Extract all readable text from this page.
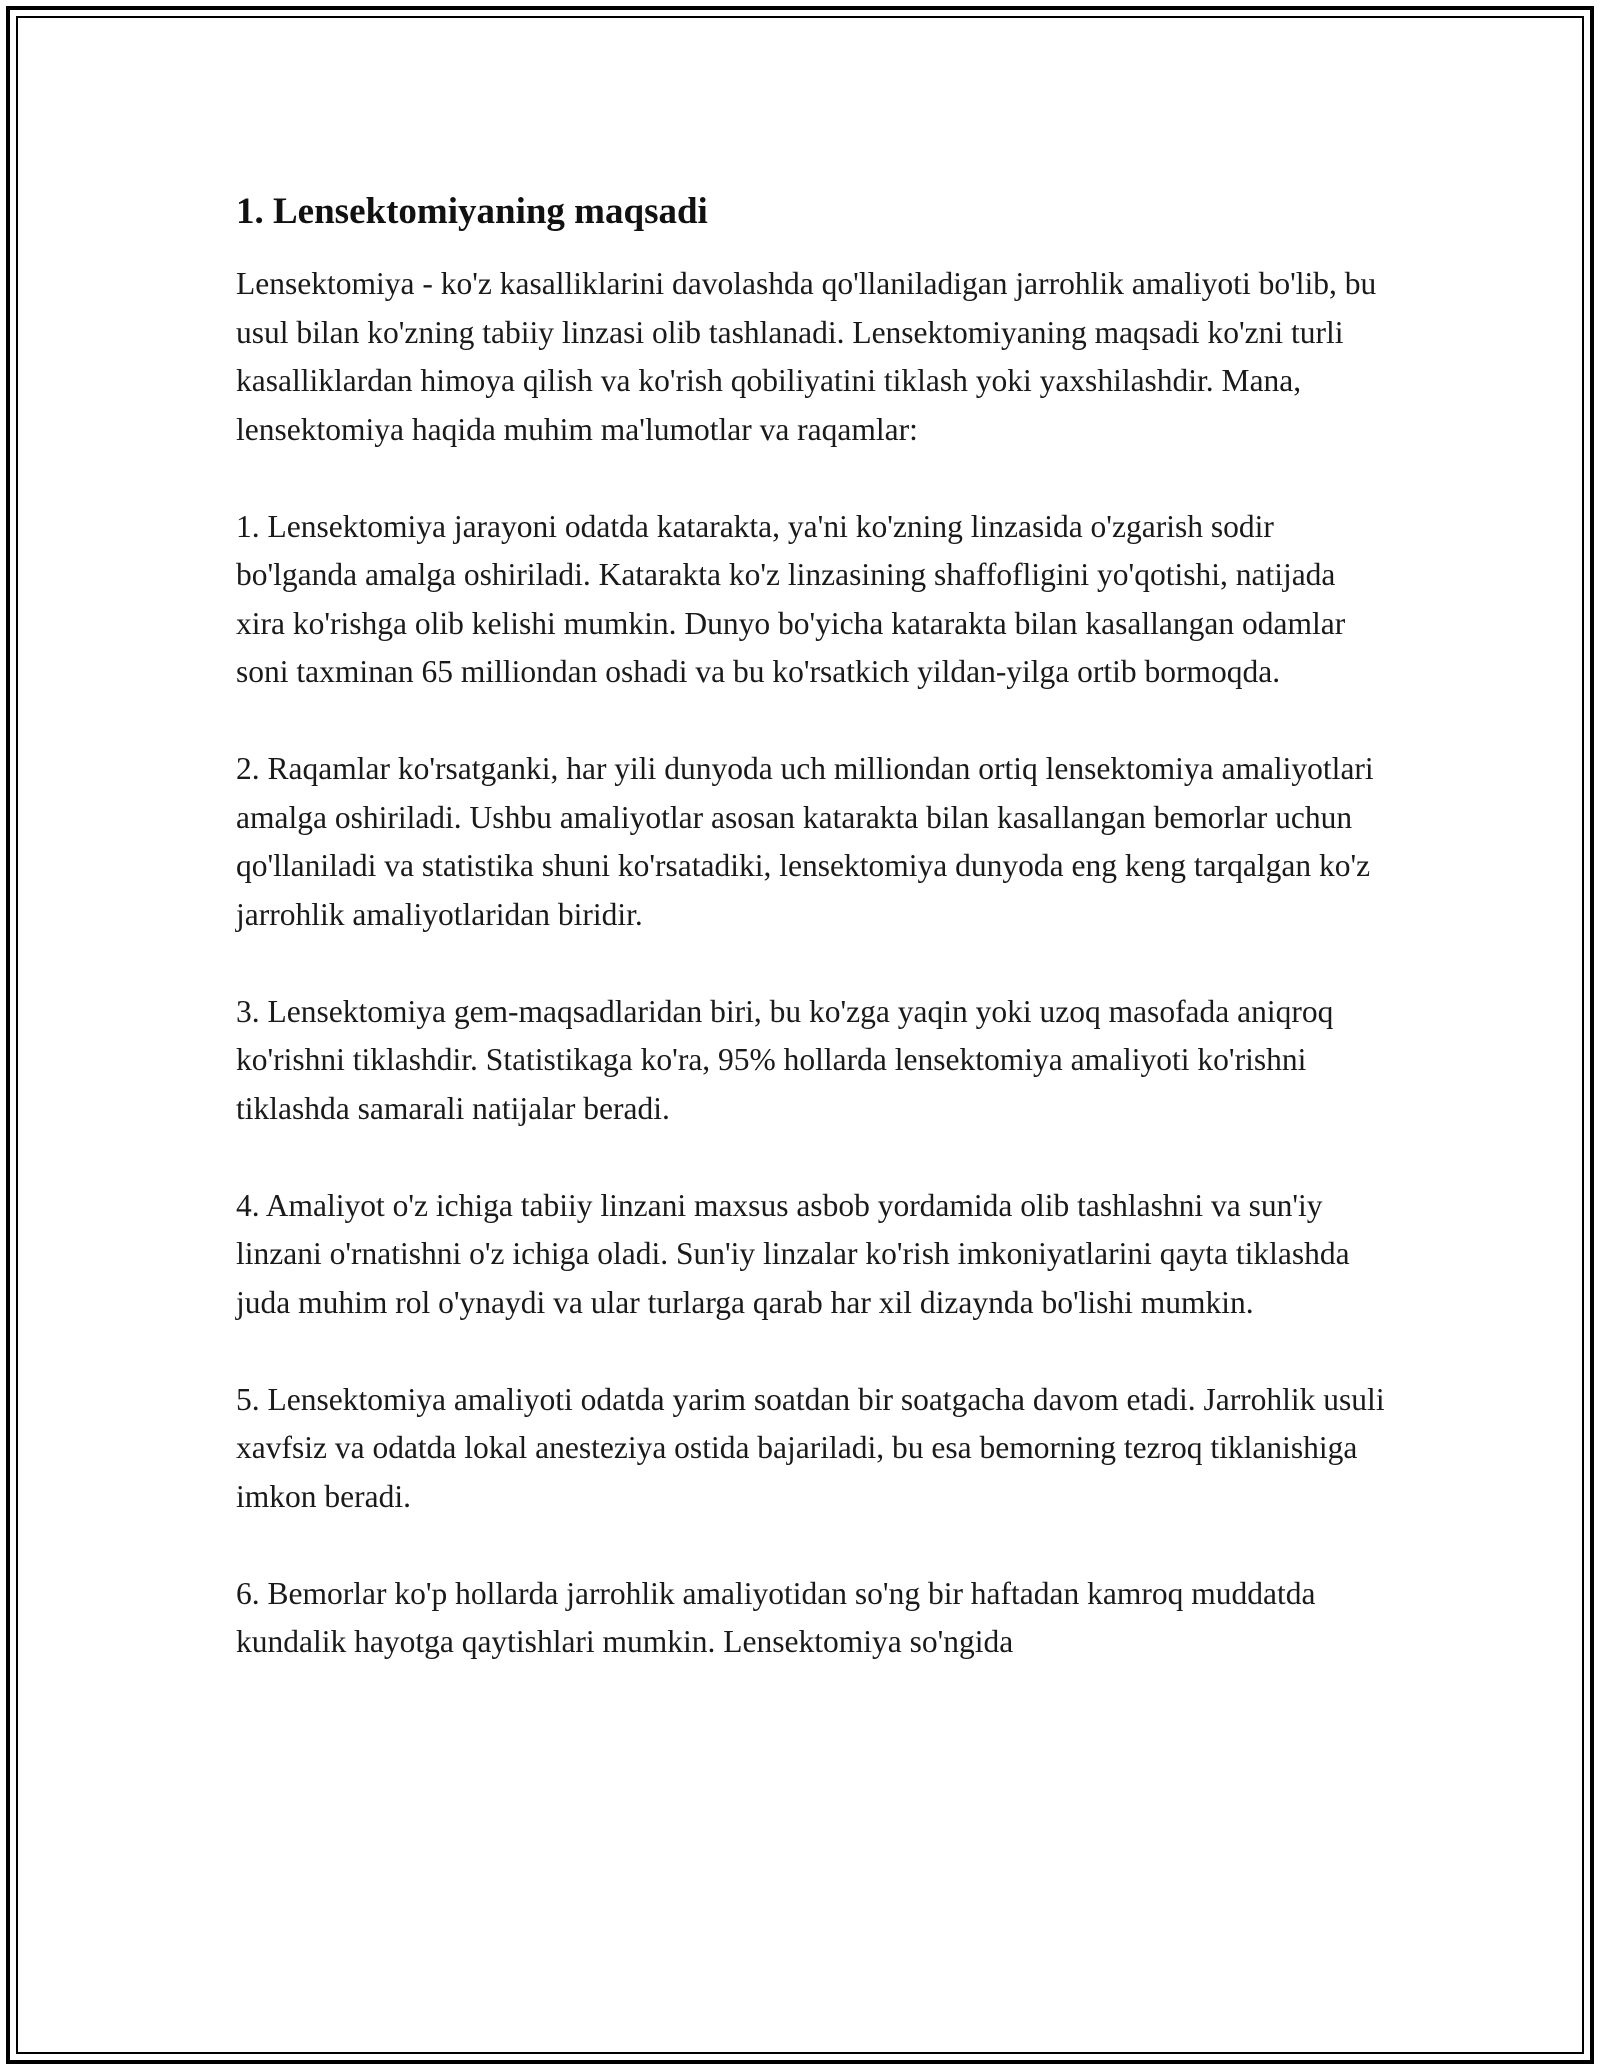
1. Lensektomiyaning maqsadi

Lensektomiya - ko'z kasalliklarini davolashda qo'llaniladigan jarrohlik amaliyoti bo'lib, bu usul bilan ko'zning tabiiy linzasi olib tashlanadi. Lensektomiyaning maqsadi ko'zni turli kasalliklardan himoya qilish va ko'rish qobiliyatini tiklash yoki yaxshilashdir. Mana, lensektomiya haqida muhim ma'lumotlar va raqamlar:

1. Lensektomiya jarayoni odatda katarakta, ya'ni ko'zning linzasida o'zgarish sodir bo'lganda amalga oshiriladi. Katarakta ko'z linzasining shaffofligini yo'qotishi, natijada xira ko'rishga olib kelishi mumkin. Dunyo bo'yicha katarakta bilan kasallangan odamlar soni taxminan 65 milliondan oshadi va bu ko'rsatkich yildan-yilga ortib bormoqda.

2. Raqamlar ko'rsatganki, har yili dunyoda uch milliondan ortiq lensektomiya amaliyotlari amalga oshiriladi. Ushbu amaliyotlar asosan katarakta bilan kasallangan bemorlar uchun qo'llaniladi va statistika shuni ko'rsatadiki, lensektomiya dunyoda eng keng tarqalgan ko'z jarrohlik amaliyotlaridan biridir.

3. Lensektomiya gem-maqsadlaridan biri, bu ko'zga yaqin yoki uzoq masofada aniqroq ko'rishni tiklashdir. Statistikaga ko'ra, 95% hollarda lensektomiya amaliyoti ko'rishni tiklashda samarali natijalar beradi.

4. Amaliyot o'z ichiga tabiiy linzani maxsus asbob yordamida olib tashlashni va sun'iy linzani o'rnatishni o'z ichiga oladi. Sun'iy linzalar ko'rish imkoniyatlarini qayta tiklashda juda muhim rol o'ynaydi va ular turlarga qarab har xil dizaynda bo'lishi mumkin.

5. Lensektomiya amaliyoti odatda yarim soatdan bir soatgacha davom etadi. Jarrohlik usuli xavfsiz va odatda lokal anesteziya ostida bajariladi, bu esa bemorning tezroq tiklanishiga imkon beradi.

6. Bemorlar ko'p hollarda jarrohlik amaliyotidan so'ng bir haftadan kamroq muddatda kundalik hayotga qaytishlari mumkin. Lensektomiya so'ngida
